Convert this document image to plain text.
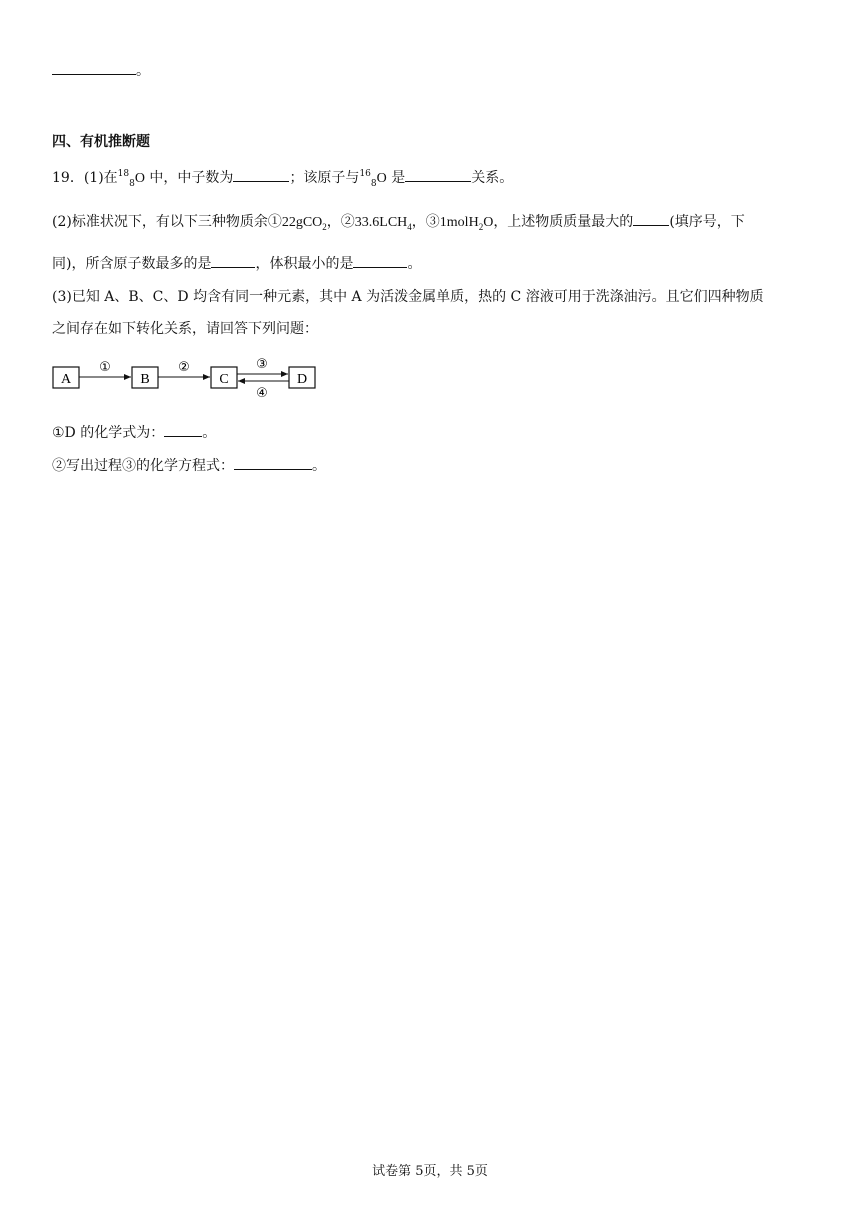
。
四、有机推断题
19．(1)在$^{18}_8$O 中，中子数为	；该原子与$^{16}_8$O 是	关系。
(2)标准状况下，有以下三种物质余①22gCO$_2$，$②33.6LCH_4$，③1molH$_2$O，上述物质质量最大的	(填序号，下
同)，所含原子数最多的是	，体积最小的是	。
(3)已知 A、B、C、D 均含有同一种元素，其中 A 为活泼金属单质，热的 C 溶液可用于洗涤油污。且它们四种物质
之间存在如下转化关系，请回答下列问题：
A	B	C	D
①	②	③
④
①D 的化学式为：	。
②写出过程③的化学方程式：	。
试卷第 5页，共 5页
